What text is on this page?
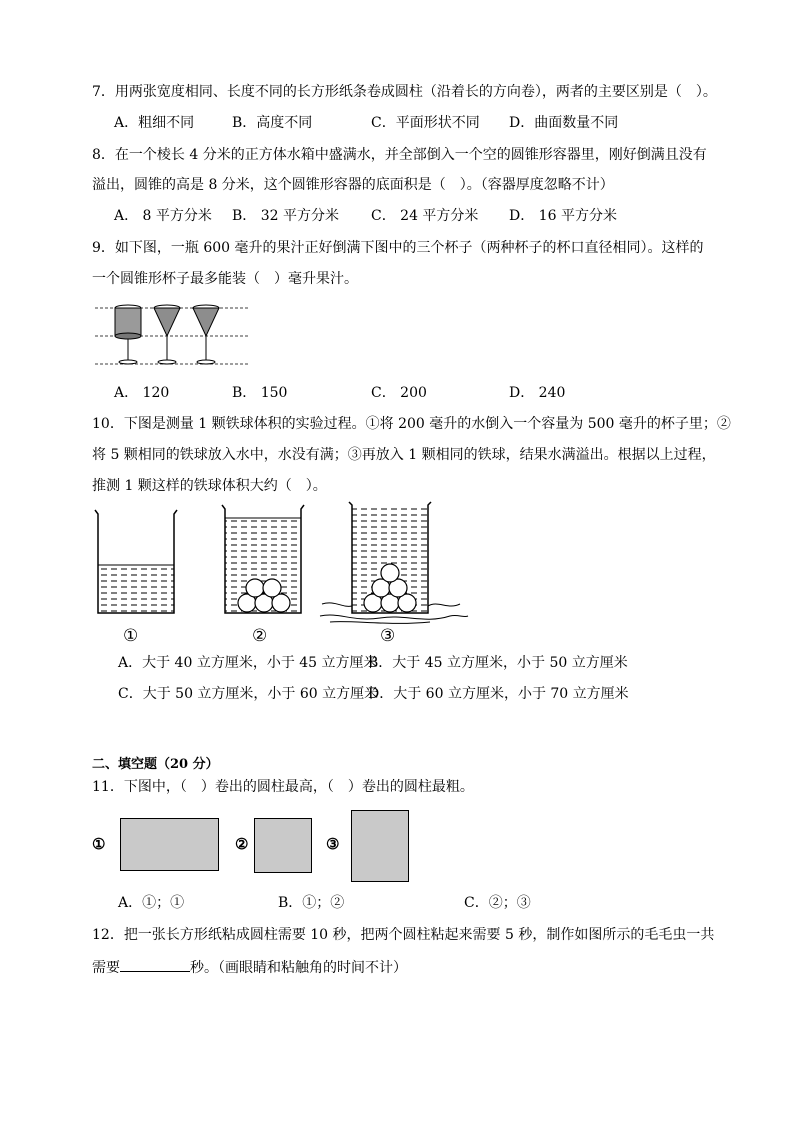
7．用两张宽度相同、长度不同的长方形纸条卷成圆柱（沿着长的方向卷），两者的主要区别是（　）。
A．粗细不同	B．高度不同	C．平面形状不同 D．曲面数量不同
8．在一个棱长 4 分米的正方体水箱中盛满水，并全部倒入一个空的圆锥形容器里，刚好倒满且没有
溢出，圆锥的高是 8 分米，这个圆锥形容器的底面积是（　）。（容器厚度忽略不计）
A． 8 平方分米 B． 32 平方分米 C． 24 平方分米 D． 16 平方分米
9．如下图，一瓶 600 毫升的果汁正好倒满下图中的三个杯子（两种杯子的杯口直径相同）。这样的
一个圆锥形杯子最多能装（　）毫升果汁。
A． 120	B． 150	C． 200	D． 240
10．下图是测量 1 颗铁球体积的实验过程。①将 200 毫升的水倒入一个容量为 500 毫升的杯子里；②
将 5 颗相同的铁球放入水中，水没有满；③再放入 1 颗相同的铁球，结果水满溢出。根据以上过程，
推测 1 颗这样的铁球体积大约（　）。
①	②	③
A．大于 40 立方厘米，小于 45 立方厘米
B．大于 45 立方厘米，小于 50 立方厘米
C．大于 50 立方厘米，小于 60 立方厘米
D．大于 60 立方厘米，小于 70 立方厘米
二、填空题（20 分）
11．下图中，（　）卷出的圆柱最高，（　）卷出的圆柱最粗。
①	②	③
A．①；①	B．①；②	C．②；③
12．把一张长方形纸粘成圆柱需要 10 秒，把两个圆柱粘起来需要 5 秒，制作如图所示的毛毛虫一共
需要	秒。（画眼睛和粘触角的时间不计）
